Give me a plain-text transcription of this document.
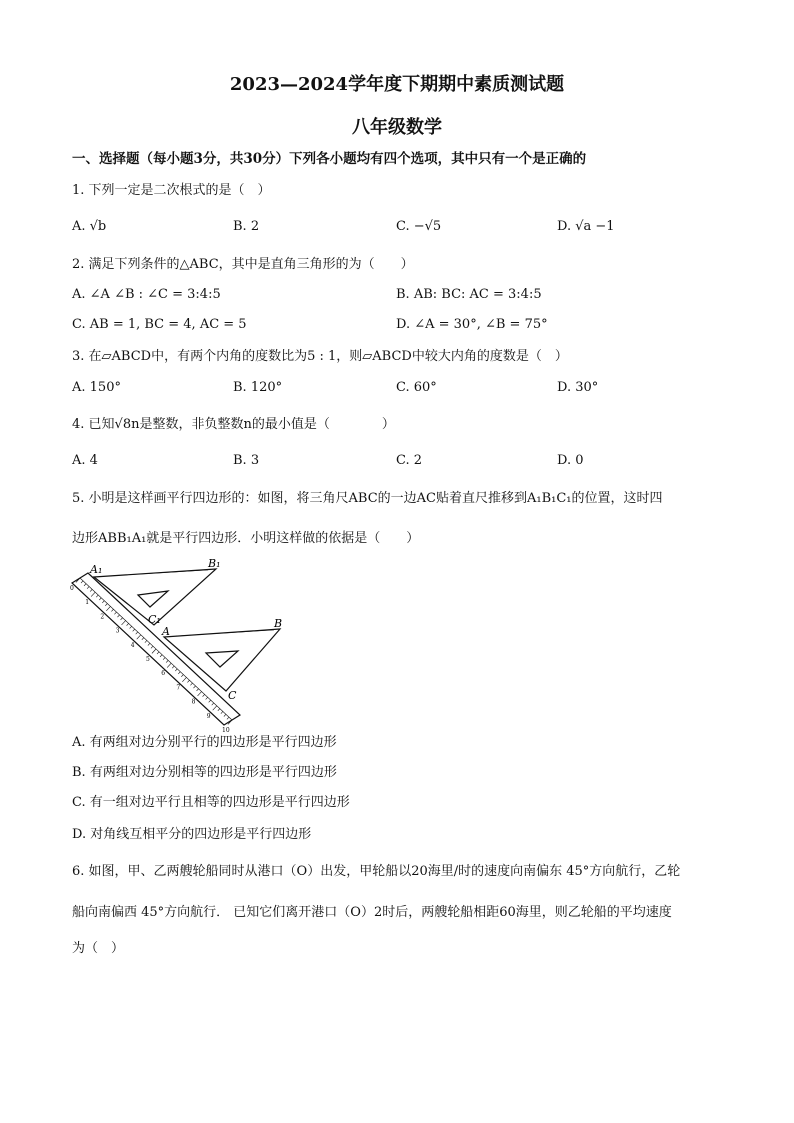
2023—2024学年度下期期中素质测试题
八年级数学
一、选择题（每小题3分，共30分）下列各小题均有四个选项，其中只有一个是正确的
1. 下列一定是二次根式的是（　）
A. √b	B. 2	C. −√5	D. √a −1
2. 满足下列条件的△ABC，其中是直角三角形的为（　　）
A. ∠A ∠B : ∠C = 3:4:5	B. AB: BC: AC = 3:4:5
C. AB = 1, BC = 4, AC = 5	D. ∠A = 30°, ∠B = 75°
3. 在▱ABCD中，有两个内角的度数比为5 : 1，则▱ABCD中较大内角的度数是（　）
A. 150°	B. 120°	C. 60°	D. 30°
4. 已知√8n是整数，非负整数n的最小值是（　　　　）
A. 4	B. 3	C. 2	D. 0
5. 小明是这样画平行四边形的：如图，将三角尺ABC的一边AC贴着直尺推移到A₁B₁C₁的位置，这时四
边形ABB₁A₁就是平行四边形．小明这样做的依据是（　　）
0
1
2
3
4
5
6
7
8
9
10
A₁	B₁
C₁
A
B
C
A. 有两组对边分别平行的四边形是平行四边形
B. 有两组对边分别相等的四边形是平行四边形
C. 有一组对边平行且相等的四边形是平行四边形
D. 对角线互相平分的四边形是平行四边形
6. 如图，甲、乙两艘轮船同时从港口（O）出发，甲轮船以20海里/时的速度向南偏东 45°方向航行，乙轮
船向南偏西 45°方向航行． 已知它们离开港口（O）2时后，两艘轮船相距60海里，则乙轮船的平均速度
为（　）
